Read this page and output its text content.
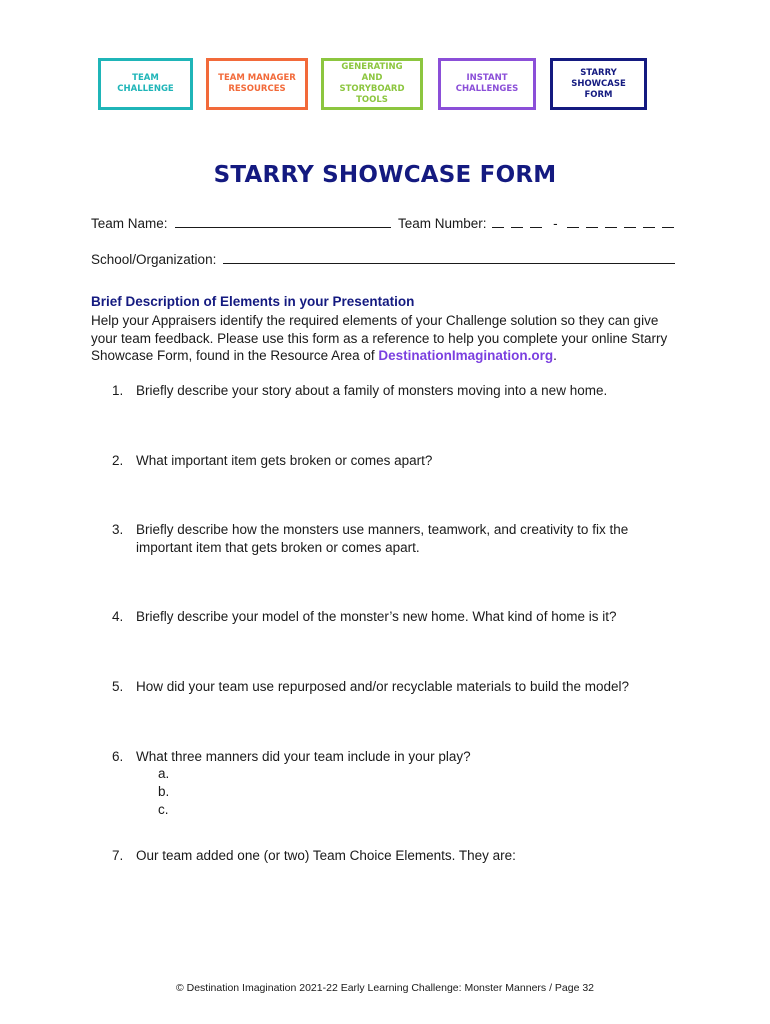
TEAM
CHALLENGE
TEAM MANAGER
RESOURCES
GENERATING AND
STORYBOARD
TOOLS
INSTANT
CHALLENGES
STARRY
SHOWCASE FORM
STARRY SHOWCASE FORM
Team Name:	Team Number:	-
School/Organization:
Brief Description of Elements in your Presentation
Help your Appraisers identify the required elements of your Challenge solution so they can give your team feedback. Please use this form as a reference to help you complete your online Starry Showcase Form, found in the Resource Area of DestinationImagination.org.
1. Briefly describe your story about a family of monsters moving into a new home.
2. What important item gets broken or comes apart?
3. Briefly describe how the monsters use manners, teamwork, and creativity to fix the important item that gets broken or comes apart.
4. Briefly describe your model of the monster’s new home. What kind of home is it?
5. How did your team use repurposed and/or recyclable materials to build the model?
6. What three manners did your team include in your play?
a.
b.
c.
7. Our team added one (or two) Team Choice Elements. They are:
© Destination Imagination 2021-22 Early Learning Challenge: Monster Manners / Page 32
